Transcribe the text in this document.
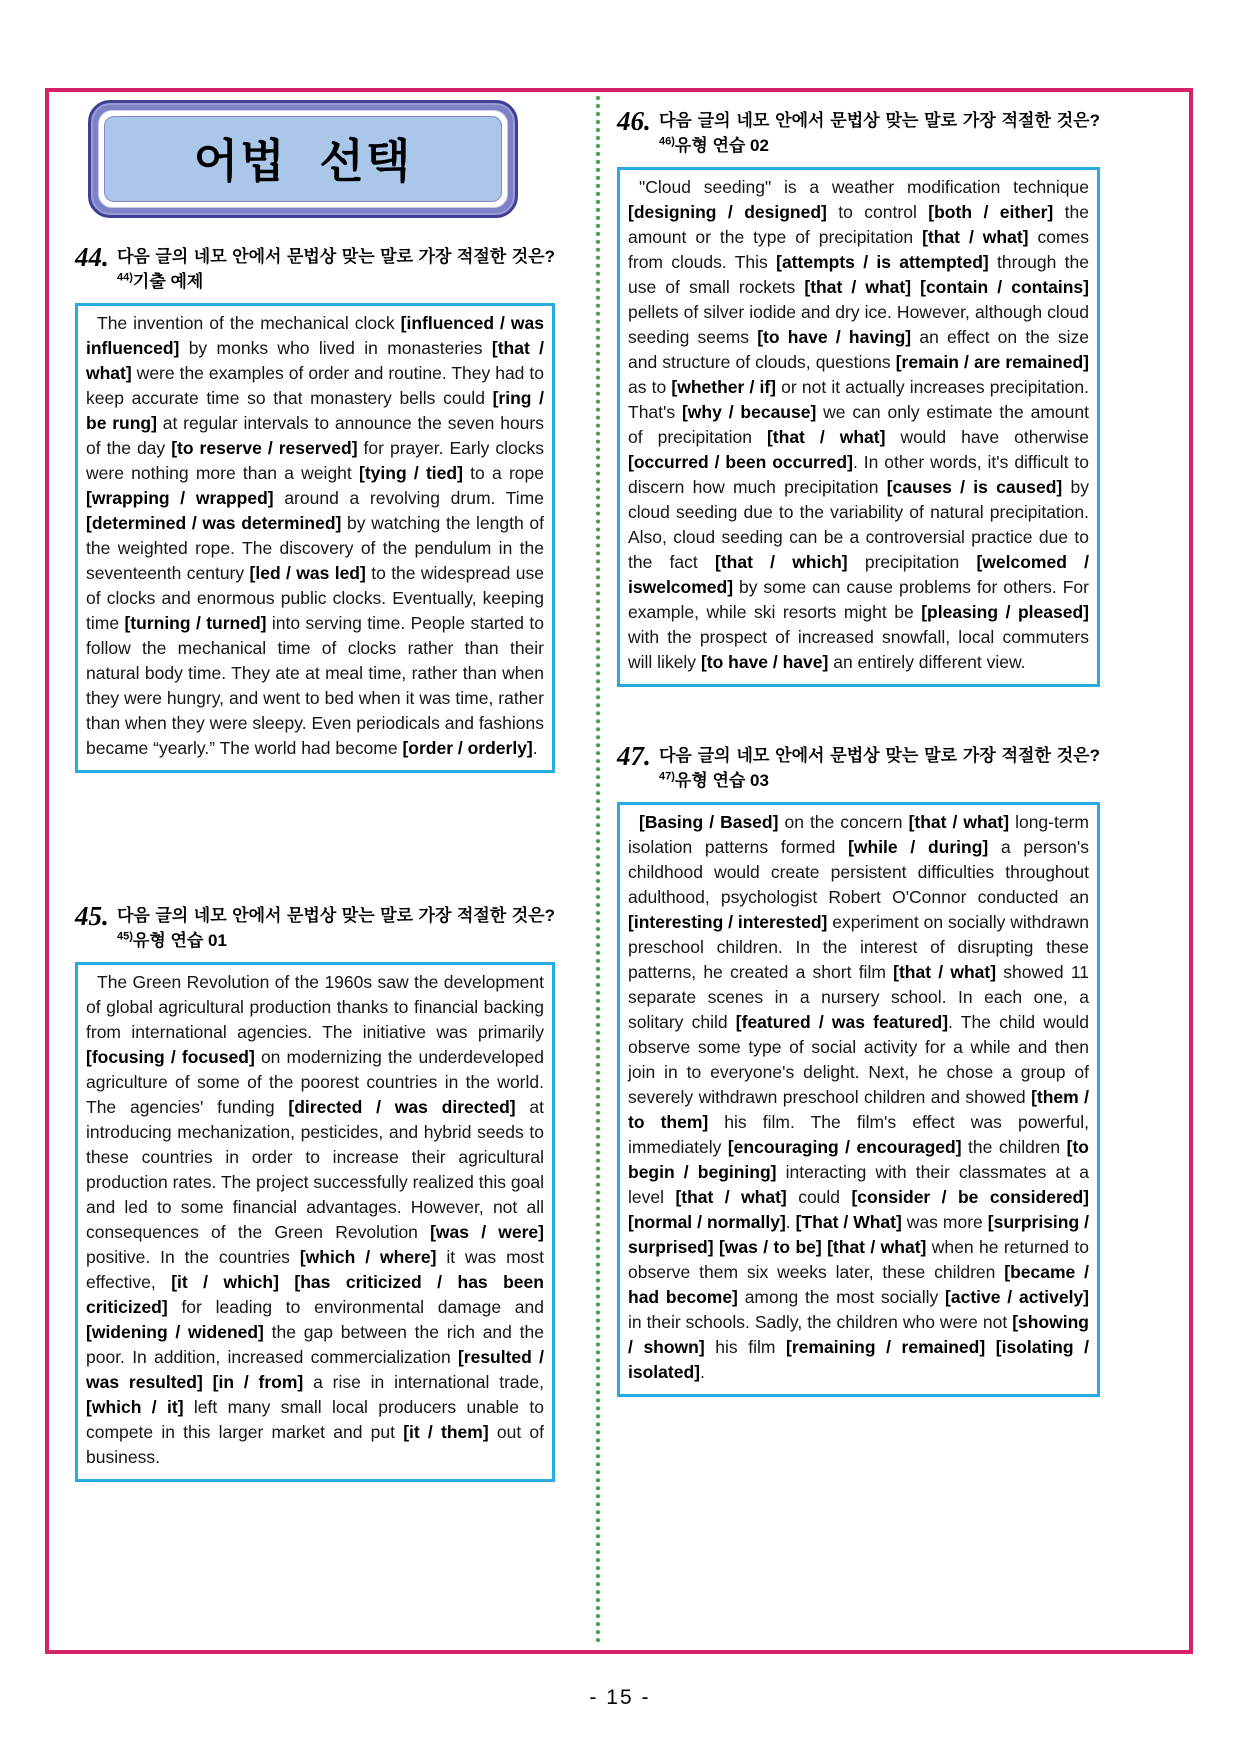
어법 선택
44. 다음 글의 네모 안에서 문법상 맞는 말로 가장 적절한 것은?$^{44)}$기출 예제

The invention of the mechanical clock [influenced / was influenced] by monks who lived in monasteries [that / what] were the examples of order and routine. They had to keep accurate time so that monastery bells could [ring / be rung] at regular intervals to announce the seven hours of the day [to reserve / reserved] for prayer. Early clocks were nothing more than a weight [tying / tied] to a rope [wrapping / wrapped] around a revolving drum. Time [determined / was determined] by watching the length of the weighted rope. The discovery of the pendulum in the seventeenth century [led / was led] to the widespread use of clocks and enormous public clocks. Eventually, keeping time [turning / turned] into serving time. People started to follow the mechanical time of clocks rather than their natural body time. They ate at meal time, rather than when they were hungry, and went to bed when it was time, rather than when they were sleepy. Even periodicals and fashions became “yearly.” The world had become [order / orderly].

45. 다음 글의 네모 안에서 문법상 맞는 말로 가장 적절한 것은?$^{45)}$유형 연습 01

The Green Revolution of the 1960s saw the development of global agricultural production thanks to financial backing from international agencies. The initiative was primarily [focusing / focused] on modernizing the underdeveloped agriculture of some of the poorest countries in the world. The agencies' funding [directed / was directed] at introducing mechanization, pesticides, and hybrid seeds to these countries in order to increase their agricultural production rates. The project successfully realized this goal and led to some financial advantages. However, not all consequences of the Green Revolution [was / were] positive. In the countries [which / where] it was most effective, [it / which] [has criticized / has been criticized] for leading to environmental damage and [widening / widened] the gap between the rich and the poor. In addition, increased commercialization [resulted / was resulted] [in / from] a rise in international trade, [which / it] left many small local producers unable to compete in this larger market and put [it / them] out of business.

46. 다음 글의 네모 안에서 문법상 맞는 말로 가장 적절한 것은?$^{46)}$유형 연습 02

"Cloud seeding" is a weather modification technique [designing / designed] to control [both / either] the amount or the type of precipitation [that / what] comes from clouds. This [attempts / is attempted] through the use of small rockets [that / what] [contain / contains] pellets of silver iodide and dry ice. However, although cloud seeding seems [to have / having] an effect on the size and structure of clouds, questions [remain / are remained] as to [whether / if] or not it actually increases precipitation. That's [why / because] we can only estimate the amount of precipitation [that / what] would have otherwise [occurred / been occurred]. In other words, it's difficult to discern how much precipitation [causes / is caused] by cloud seeding due to the variability of natural precipitation. Also, cloud seeding can be a controversial practice due to the fact [that / which] precipitation [welcomed / iswelcomed] by some can cause problems for others. For example, while ski resorts might be [pleasing / pleased] with the prospect of increased snowfall, local commuters will likely [to have / have] an entirely different view.

47. 다음 글의 네모 안에서 문법상 맞는 말로 가장 적절한 것은?$^{47)}$유형 연습 03

[Basing / Based] on the concern [that / what] long-term isolation patterns formed [while / during] a person's childhood would create persistent difficulties throughout adulthood, psychologist Robert O'Connor conducted an [interesting / interested] experiment on socially withdrawn preschool children. In the interest of disrupting these patterns, he created a short film [that / what] showed 11 separate scenes in a nursery school. In each one, a solitary child [featured / was featured]. The child would observe some type of social activity for a while and then join in to everyone's delight. Next, he chose a group of severely withdrawn preschool children and showed [them / to them] his film. The film's effect was powerful, immediately [encouraging / encouraged] the children [to begin / begining] interacting with their classmates at a level [that / what] could [consider / be considered] [normal / normally]. [That / What] was more [surprising / surprised] [was / to be] [that / what] when he returned to observe them six weeks later, these children [became / had become] among the most socially [active / actively] in their schools. Sadly, the children who were not [showing / shown] his film [remaining / remained] [isolating / isolated].

- 15 -
